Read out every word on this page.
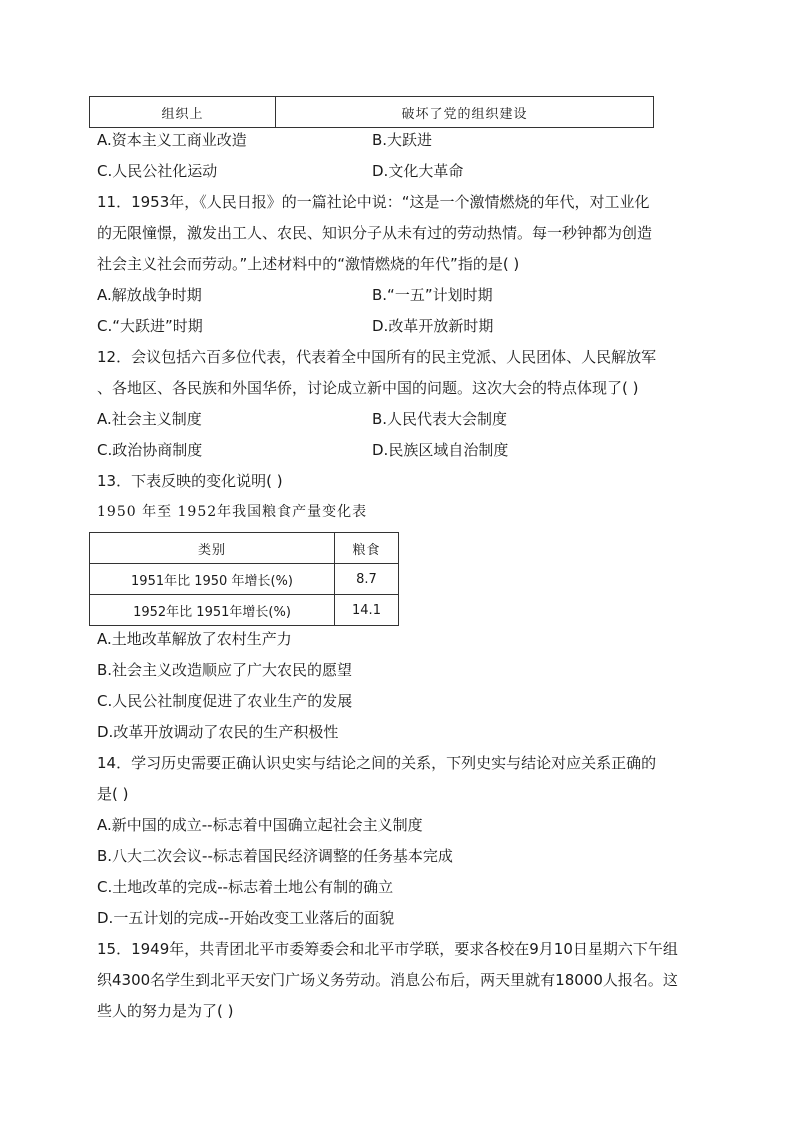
组织上	破坏了党的组织建设
A.资本主义工商业改造	B.大跃进
C.人民公社化运动	D.文化大革命
11．1953年，《人民日报》的一篇社论中说：“这是一个激情燃烧的年代，对工业化
的无限憧憬，激发出工人、农民、知识分子从未有过的劳动热情。每一秒钟都为创造
社会主义社会而劳动。”上述材料中的“激情燃烧的年代”指的是( )
A.解放战争时期	B.“一五”计划时期
C.“大跃进”时期	D.改革开放新时期
12．会议包括六百多位代表，代表着全中国所有的民主党派、人民团体、人民解放军
、各地区、各民族和外国华侨，讨论成立新中国的问题。这次大会的特点体现了( )
A.社会主义制度	B.人民代表大会制度
C.政治协商制度	D.民族区域自治制度
13．下表反映的变化说明( )
1950 年至 1952年我国粮食产量变化表
类别	粮食
1951年比 1950 年增长(%)	8.7
1952年比 1951年增长(%)	14.1
A.土地改革解放了农村生产力
B.社会主义改造顺应了广大农民的愿望
C.人民公社制度促进了农业生产的发展
D.改革开放调动了农民的生产积极性
14．学习历史需要正确认识史实与结论之间的关系，下列史实与结论对应关系正确的
是( )
A.新中国的成立--标志着中国确立起社会主义制度
B.八大二次会议--标志着国民经济调整的任务基本完成
C.土地改革的完成--标志着土地公有制的确立
D.一五计划的完成--开始改变工业落后的面貌
15．1949年，共青团北平市委筹委会和北平市学联，要求各校在9月10日星期六下午组
织4300名学生到北平天安门广场义务劳动。消息公布后，两天里就有18000人报名。这
些人的努力是为了( )
